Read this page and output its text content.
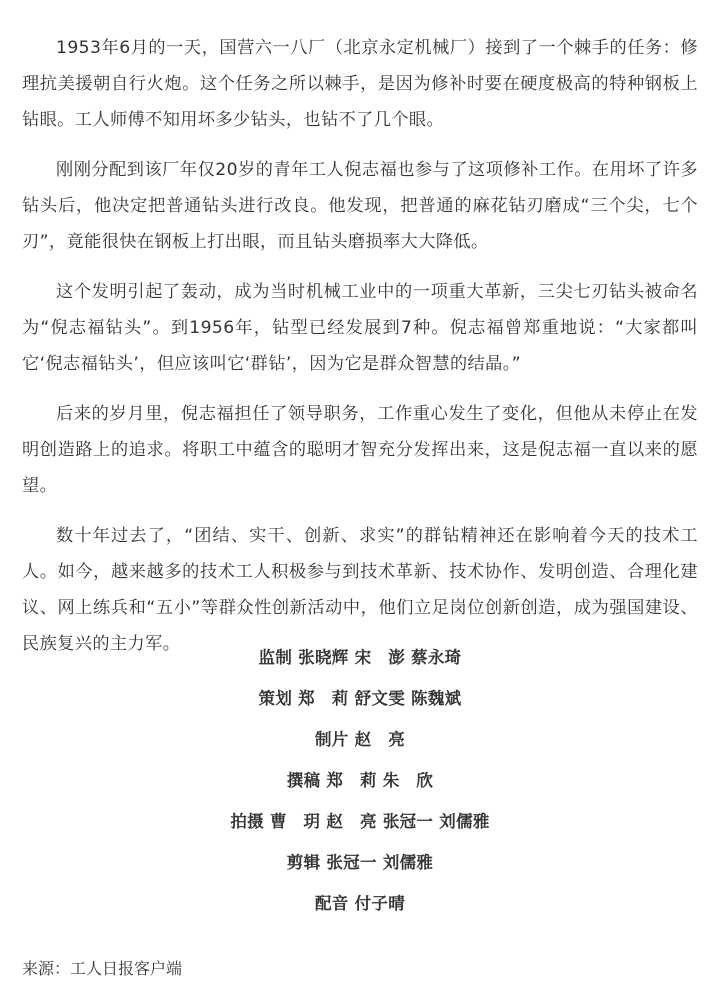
1953年6月的一天，国营六一八厂（北京永定机械厂）接到了一个棘手的任务：修理抗美援朝自行火炮。这个任务之所以棘手，是因为修补时要在硬度极高的特种钢板上钻眼。工人师傅不知用坏多少钻头，也钻不了几个眼。

刚刚分配到该厂年仅20岁的青年工人倪志福也参与了这项修补工作。在用坏了许多钻头后，他决定把普通钻头进行改良。他发现，把普通的麻花钻刃磨成“三个尖，七个刃”，竟能很快在钢板上打出眼，而且钻头磨损率大大降低。

这个发明引起了轰动，成为当时机械工业中的一项重大革新，三尖七刃钻头被命名为“倪志福钻头”。到1956年，钻型已经发展到7种。倪志福曾郑重地说：“大家都叫它‘倪志福钻头’，但应该叫它‘群钻’，因为它是群众智慧的结晶。”

后来的岁月里，倪志福担任了领导职务，工作重心发生了变化，但他从未停止在发明创造路上的追求。将职工中蕴含的聪明才智充分发挥出来，这是倪志福一直以来的愿望。

数十年过去了，“团结、实干、创新、求实”的群钻精神还在影响着今天的技术工人。如今，越来越多的技术工人积极参与到技术革新、技术协作、发明创造、合理化建议、网上练兵和“五小”等群众性创新活动中，他们立足岗位创新创造，成为强国建设、民族复兴的主力军。

监制 张晓辉 宋　澎 蔡永琦
策划 郑　莉 舒文雯 陈魏斌
制片 赵　亮
撰稿 郑　莉 朱　欣
拍摄 曹　玥 赵　亮 张冠一 刘儒雅
剪辑 张冠一 刘儒雅
配音 付子晴
来源：工人日报客户端
